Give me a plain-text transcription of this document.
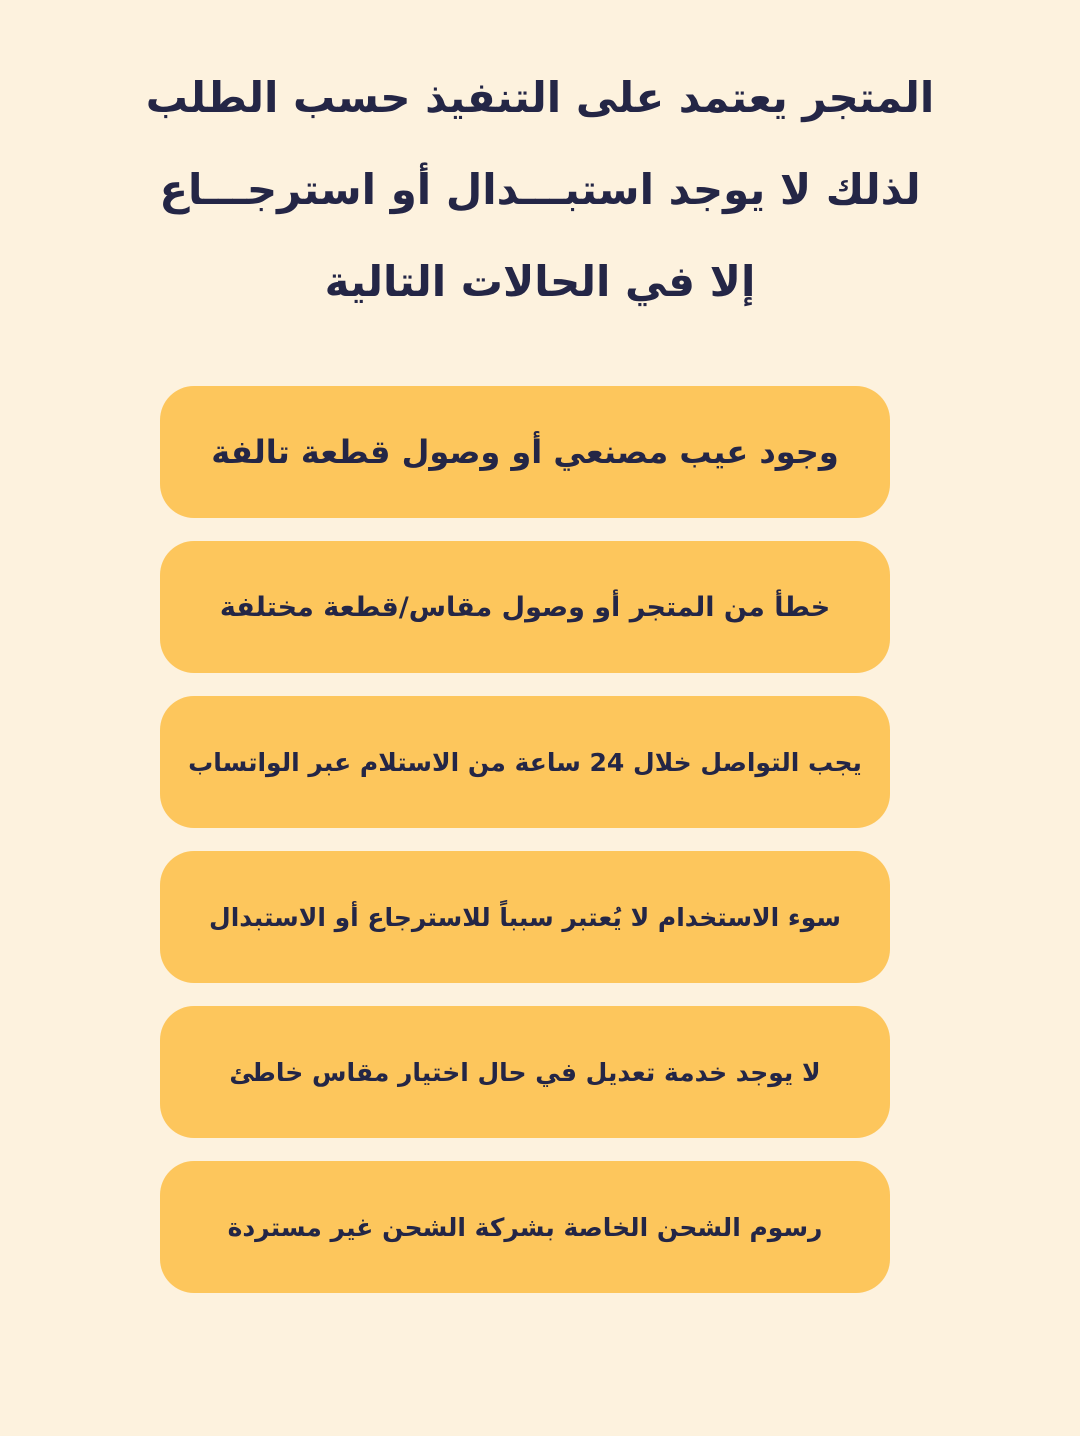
المتجر يعتمد على التنفيذ حسب الطلب
لذلك لا يوجد استبـــدال أو استرجـــاع
إلا في الحالات التالية
وجود عيب مصنعي أو وصول قطعة تالفة
خطأ من المتجر أو وصول مقاس/قطعة مختلفة
يجب التواصل خلال 24 ساعة من الاستلام عبر الواتساب
سوء الاستخدام لا يُعتبر سبباً للاسترجاع أو الاستبدال
لا يوجد خدمة تعديل في حال اختيار مقاس خاطئ
رسوم الشحن الخاصة بشركة الشحن غير مستردة
